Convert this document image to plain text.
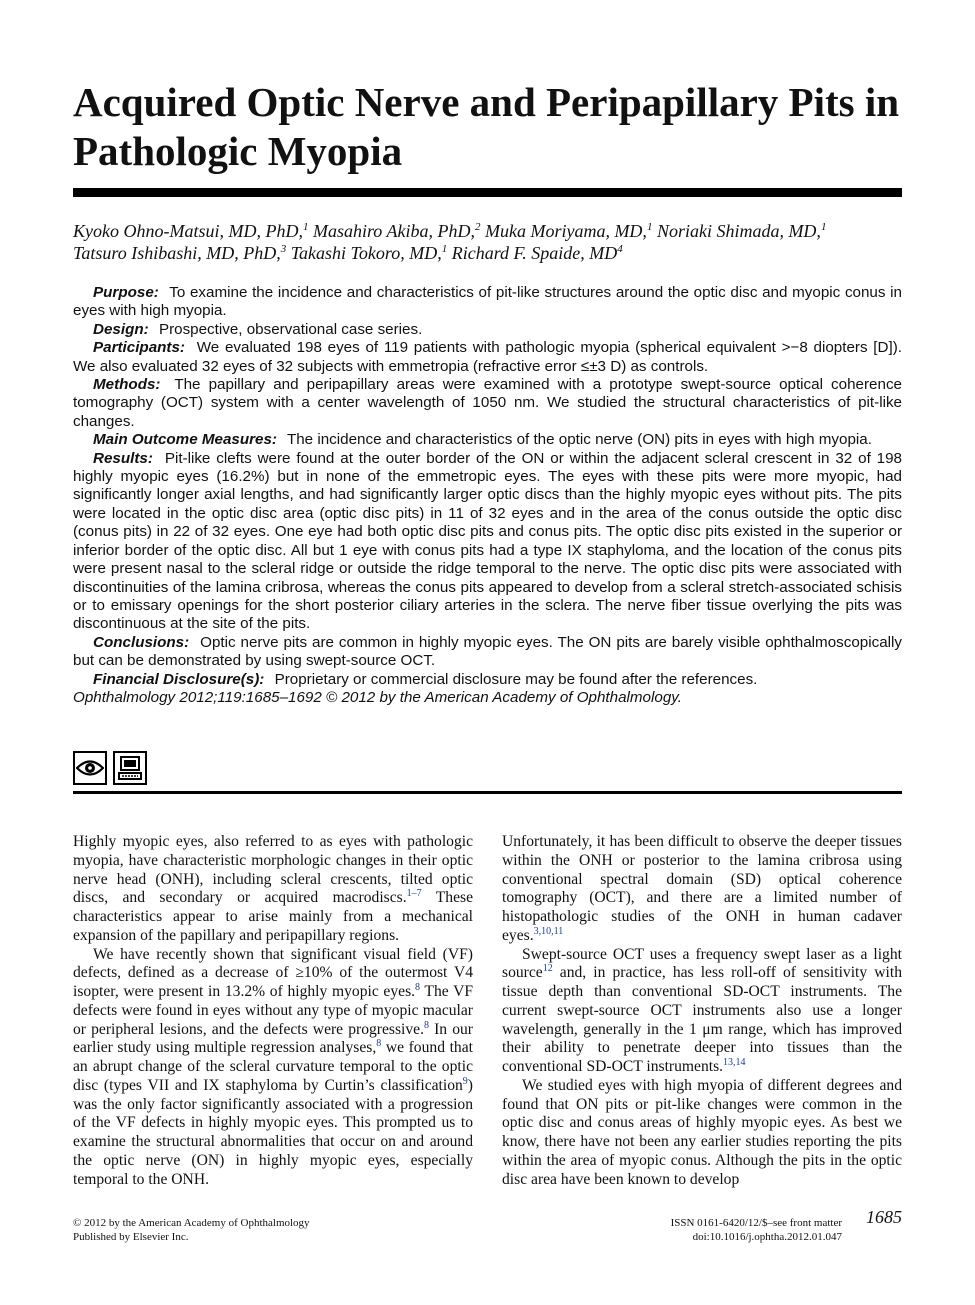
Acquired Optic Nerve and Peripapillary Pits in Pathologic Myopia
Kyoko Ohno-Matsui, MD, PhD,$^1$ Masahiro Akiba, PhD,$^2$ Muka Moriyama, MD,$^1$ Noriaki Shimada, MD,$^1$
Tatsuro Ishibashi, MD, PhD,$^3$ Takashi Tokoro, MD,$^1$ Richard F. Spaide, $MD^4$

Purpose: To examine the incidence and characteristics of pit-like structures around the optic disc and myopic conus in eyes with high myopia.

Design: Prospective, observational case series.

Participants: We evaluated 198 eyes of 119 patients with pathologic myopia (spherical equivalent >−8 diopters [D]). We also evaluated 32 eyes of 32 subjects with emmetropia (refractive error ≤±3 D) as controls.

Methods: The papillary and peripapillary areas were examined with a prototype swept-source optical coherence tomography (OCT) system with a center wavelength of 1050 nm. We studied the structural characteristics of pit-like changes.

Main Outcome Measures: The incidence and characteristics of the optic nerve (ON) pits in eyes with high myopia.

Results: Pit-like clefts were found at the outer border of the ON or within the adjacent scleral crescent in 32 of 198 highly myopic eyes (16.2%) but in none of the emmetropic eyes. The eyes with these pits were more myopic, had significantly longer axial lengths, and had significantly larger optic discs than the highly myopic eyes without pits. The pits were located in the optic disc area (optic disc pits) in 11 of 32 eyes and in the area of the conus outside the optic disc (conus pits) in 22 of 32 eyes. One eye had both optic disc pits and conus pits. The optic disc pits existed in the superior or inferior border of the optic disc. All but 1 eye with conus pits had a type IX staphyloma, and the location of the conus pits were present nasal to the scleral ridge or outside the ridge temporal to the nerve. The optic disc pits were associated with discontinuities of the lamina cribrosa, whereas the conus pits appeared to develop from a scleral stretch-associated schisis or to emissary openings for the short posterior ciliary arteries in the sclera. The nerve fiber tissue overlying the pits was discontinuous at the site of the pits.

Conclusions: Optic nerve pits are common in highly myopic eyes. The ON pits are barely visible ophthalmoscopically but can be demonstrated by using swept-source OCT.

Financial Disclosure(s): Proprietary or commercial disclosure may be found after the references.

Ophthalmology 2012;119:1685–1692 © 2012 by the American Academy of Ophthalmology.

Highly myopic eyes, also referred to as eyes with pathologic myopia, have characteristic morphologic changes in their optic nerve head (ONH), including scleral crescents, tilted optic discs, and secondary or acquired macrodiscs.$^{1-7}$ These characteristics appear to arise mainly from a mechanical expansion of the papillary and peripapillary regions.

We have recently shown that significant visual field (VF) defects, defined as a decrease of ≥10% of the outermost V4 isopter, were present in 13.2% of highly myopic eyes.$^8$ The VF defects were found in eyes without any type of myopic macular or peripheral lesions, and the defects were progressive.$^8$ In our earlier study using multiple regression analyses,$^8$ we found that an abrupt change of the scleral curvature temporal to the optic disc (types VII and IX staphyloma by Curtin’s classification$^9$) was the only factor significantly associated with a progression of the VF defects in highly myopic eyes. This prompted us to examine the structural abnormalities that occur on and around the optic nerve (ON) in highly myopic eyes, especially temporal to the ONH.

Unfortunately, it has been difficult to observe the deeper tissues within the ONH or posterior to the lamina cribrosa using conventional spectral domain (SD) optical coherence tomography (OCT), and there are a limited number of histopathologic studies of the ONH in human cadaver eyes.$^{3,10,11}$

Swept-source OCT uses a frequency swept laser as a light source$^{12}$ and, in practice, has less roll-off of sensitivity with tissue depth than conventional SD-OCT instruments. The current swept-source OCT instruments also use a longer wavelength, generally in the 1 μm range, which has improved their ability to penetrate deeper into tissues than the conventional SD-OCT instruments.$^{13,14}$

We studied eyes with high myopia of different degrees and found that ON pits or pit-like changes were common in the optic disc and conus areas of highly myopic eyes. As best we know, there have not been any earlier studies reporting the pits within the area of myopic conus. Although the pits in the optic disc area have been known to develop

© 2012 by the American Academy of Ophthalmology
Published by Elsevier Inc.
ISSN 0161-6420/12/$–see front matter
doi:10.1016/j.ophtha.2012.01.047
1685
